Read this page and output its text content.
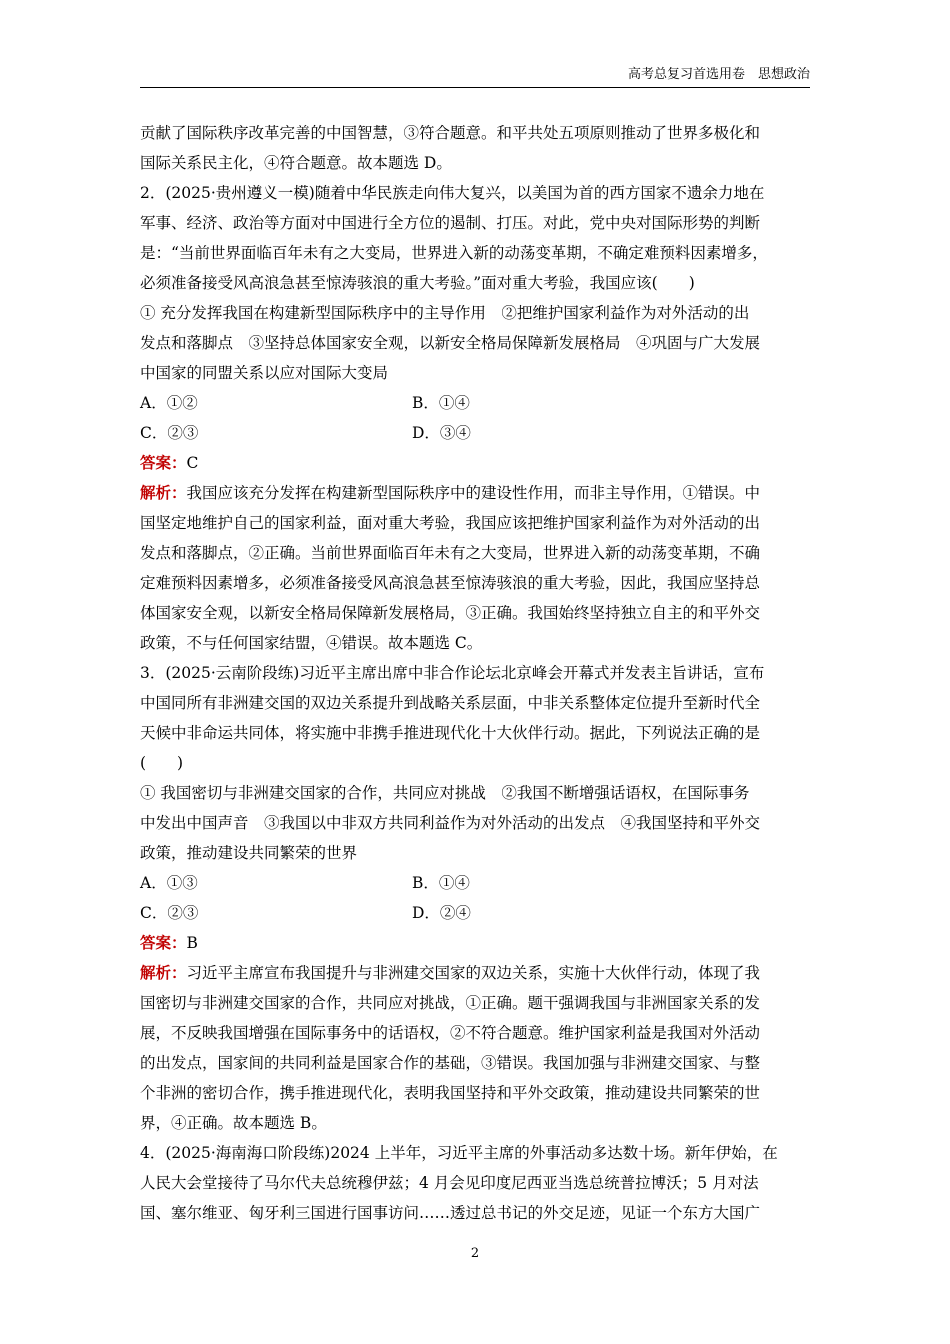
高考总复习首选用卷　思想政治
贡献了国际秩序改革完善的中国智慧，③符合题意。和平共处五项原则推动了世界多极化和
国际关系民主化，④符合题意。故本题选 D。
2．(2025·贵州遵义一模)随着中华民族走向伟大复兴，以美国为首的西方国家不遗余力地在
军事、经济、政治等方面对中国进行全方位的遏制、打压。对此，党中央对国际形势的判断
是：“当前世界面临百年未有之大变局，世界进入新的动荡变革期，不确定难预料因素增多，
必须准备接受风高浪急甚至惊涛骇浪的重大考验。”面对重大考验，我国应该(　　)
① 充分发挥我国在构建新型国际秩序中的主导作用　②把维护国家利益作为对外活动的出
发点和落脚点　③坚持总体国家安全观，以新安全格局保障新发展格局　④巩固与广大发展
中国家的同盟关系以应对国际大变局
A．①②	B．①④
C．②③	D．③④
答案：C
解析：我国应该充分发挥在构建新型国际秩序中的建设性作用，而非主导作用，①错误。中
国坚定地维护自己的国家利益，面对重大考验，我国应该把维护国家利益作为对外活动的出
发点和落脚点，②正确。当前世界面临百年未有之大变局，世界进入新的动荡变革期，不确
定难预料因素增多，必须准备接受风高浪急甚至惊涛骇浪的重大考验，因此，我国应坚持总
体国家安全观，以新安全格局保障新发展格局，③正确。我国始终坚持独立自主的和平外交
政策，不与任何国家结盟，④错误。故本题选 C。
3．(2025·云南阶段练)习近平主席出席中非合作论坛北京峰会开幕式并发表主旨讲话，宣布
中国同所有非洲建交国的双边关系提升到战略关系层面，中非关系整体定位提升至新时代全
天候中非命运共同体，将实施中非携手推进现代化十大伙伴行动。据此，下列说法正确的是
(　　)
① 我国密切与非洲建交国家的合作，共同应对挑战　②我国不断增强话语权，在国际事务
中发出中国声音　③我国以中非双方共同利益作为对外活动的出发点　④我国坚持和平外交
政策，推动建设共同繁荣的世界
A．①③	B．①④
C．②③	D．②④
答案：B
解析：习近平主席宣布我国提升与非洲建交国家的双边关系，实施十大伙伴行动，体现了我
国密切与非洲建交国家的合作，共同应对挑战，①正确。题干强调我国与非洲国家关系的发
展，不反映我国增强在国际事务中的话语权，②不符合题意。维护国家利益是我国对外活动
的出发点，国家间的共同利益是国家合作的基础，③错误。我国加强与非洲建交国家、与整
个非洲的密切合作，携手推进现代化，表明我国坚持和平外交政策，推动建设共同繁荣的世
界，④正确。故本题选 B。
4．(2025·海南海口阶段练)2024 上半年，习近平主席的外事活动多达数十场。新年伊始，在
人民大会堂接待了马尔代夫总统穆伊兹；4 月会见印度尼西亚当选总统普拉博沃；5 月对法
国、塞尔维亚、匈牙利三国进行国事访问……透过总书记的外交足迹，见证一个东方大国广
2
